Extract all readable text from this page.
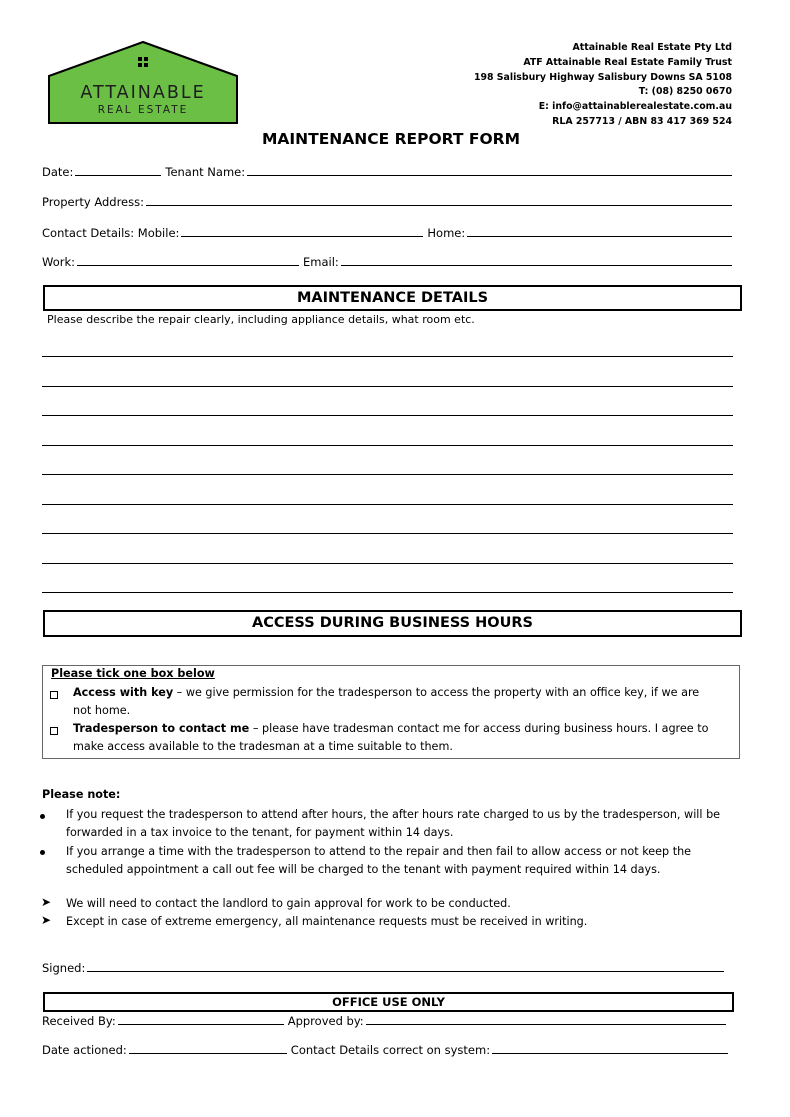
ATTAINABLE
REAL ESTATE
Attainable Real Estate Pty Ltd
ATF Attainable Real Estate Family Trust
198 Salisbury Highway Salisbury Downs SA 5108
T: (08) 8250 0670
E: info@attainablerealestate.com.au
RLA 257713 / ABN 83 417 369 524
MAINTENANCE REPORT FORM
Date:	Tenant Name:
Property Address:
Contact Details: Mobile:	Home:
Work:	Email:
MAINTENANCE DETAILS
Please describe the repair clearly, including appliance details, what room etc.
ACCESS DURING BUSINESS HOURS
Please tick one box below
Access with key – we give permission for the tradesperson to access the property with an office key, if we are not home.
Tradesperson to contact me – please have tradesman contact me for access during business hours. I agree to make access available to the tradesman at a time suitable to them.
Please note:
If you request the tradesperson to attend after hours, the after hours rate charged to us by the tradesperson, will be forwarded in a tax invoice to the tenant, for payment within 14 days.
If you arrange a time with the tradesperson to attend to the repair and then fail to allow access or not keep the scheduled appointment a call out fee will be charged to the tenant with payment required within 14 days.
➤ We will need to contact the landlord to gain approval for work to be conducted.
➤ Except in case of extreme emergency, all maintenance requests must be received in writing.
Signed:
OFFICE USE ONLY
Received By:	Approved by:
Date actioned:	Contact Details correct on system:
